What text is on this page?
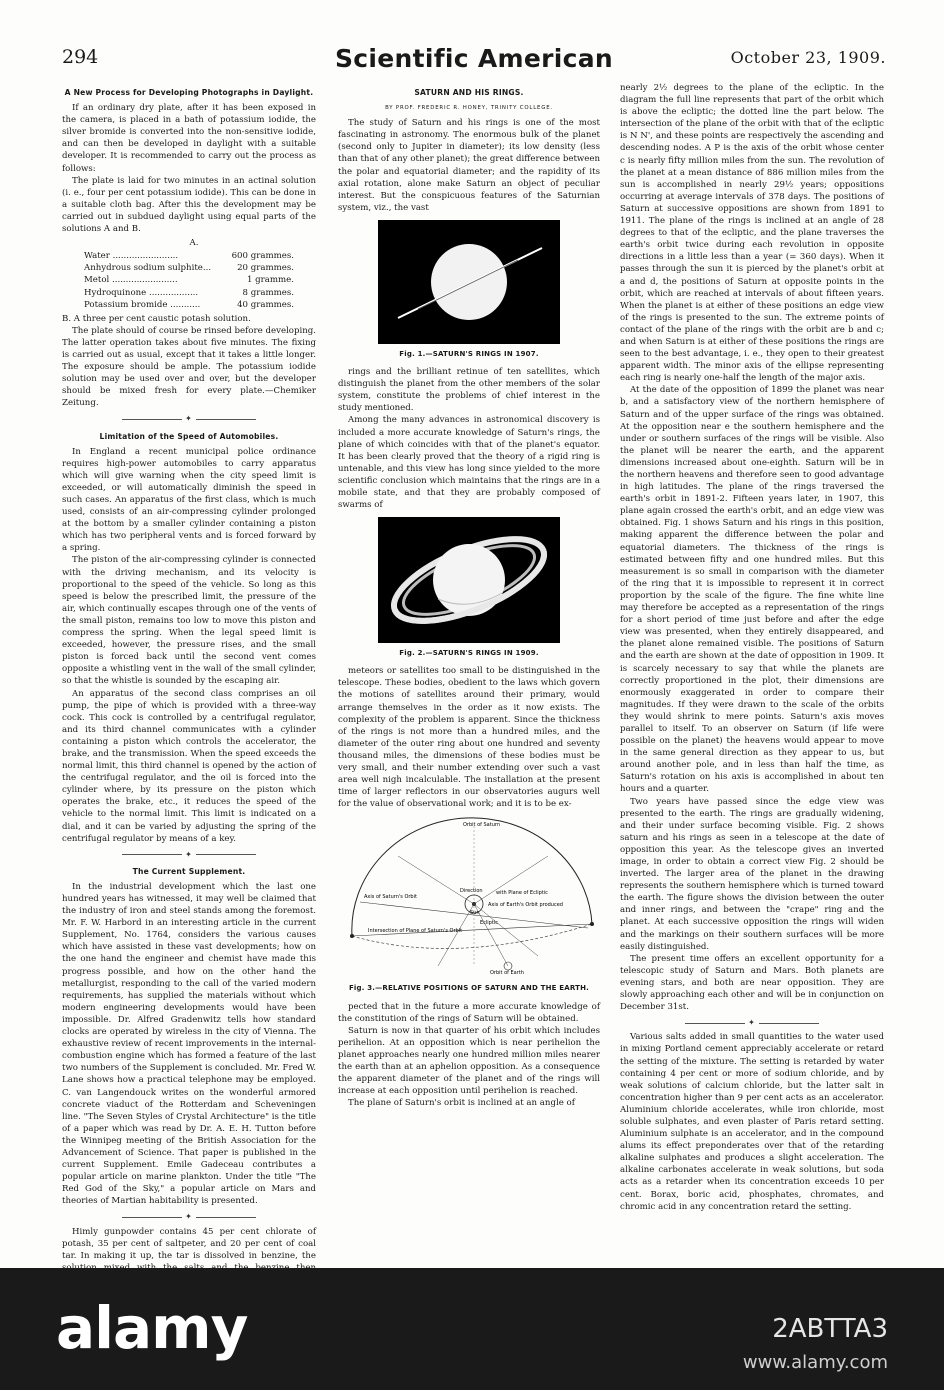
294	Scientific American	October 23, 1909.
A New Process for Developing Photographs in Daylight.

If an ordinary dry plate, after it has been exposed in the camera, is placed in a bath of potassium iodide, the silver bromide is converted into the non-sensitive iodide, and can then be developed in daylight with a suitable developer. It is recommended to carry out the process as follows:

The plate is laid for two minutes in an actinal solution (i. e., four per cent potassium iodide). This can be done in a suitable cloth bag. After this the development may be carried out in subdued daylight using equal parts of the solutions A and B.

A.
Water ........................	600 grammes.
Anhydrous sodium sulphite...	20 grammes.
Metol ........................	1 gramme.
Hydroquinone ..................	8 grammes.
Potassium bromide ...........	40 grammes.

B. A three per cent caustic potash solution.

The plate should of course be rinsed before developing. The latter operation takes about five minutes. The fixing is carried out as usual, except that it takes a little longer. The exposure should be ample. The potassium iodide solution may be used over and over, but the developer should be mixed fresh for every plate.—Chemiker Zeitung.

✦
Limitation of the Speed of Automobiles.

In England a recent municipal police ordinance requires high-power automobiles to carry apparatus which will give warning when the city speed limit is exceeded, or will automatically diminish the speed in such cases. An apparatus of the first class, which is much used, consists of an air-compressing cylinder prolonged at the bottom by a smaller cylinder containing a piston which has two peripheral vents and is forced forward by a spring.

The piston of the air-compressing cylinder is connected with the driving mechanism, and its velocity is proportional to the speed of the vehicle. So long as this speed is below the prescribed limit, the pressure of the air, which continually escapes through one of the vents of the small piston, remains too low to move this piston and compress the spring. When the legal speed limit is exceeded, however, the pressure rises, and the small piston is forced back until the second vent comes opposite a whistling vent in the wall of the small cylinder, so that the whistle is sounded by the escaping air.

An apparatus of the second class comprises an oil pump, the pipe of which is provided with a three-way cock. This cock is controlled by a centrifugal regulator, and its third channel communicates with a cylinder containing a piston which controls the accelerator, the brake, and the transmission. When the speed exceeds the normal limit, this third channel is opened by the action of the centrifugal regulator, and the oil is forced into the cylinder where, by its pressure on the piston which operates the brake, etc., it reduces the speed of the vehicle to the normal limit. This limit is indicated on a dial, and it can be varied by adjusting the spring of the centrifugal regulator by means of a key.

✦
The Current Supplement.

In the industrial development which the last one hundred years has witnessed, it may well be claimed that the industry of iron and steel stands among the foremost. Mr. F. W. Harbord in an interesting article in the current Supplement, No. 1764, considers the various causes which have assisted in these vast developments; how on the one hand the engineer and chemist have made this progress possible, and how on the other hand the metallurgist, responding to the call of the varied modern requirements, has supplied the materials without which modern engineering developments would have been impossible. Dr. Alfred Gradenwitz tells how standard clocks are operated by wireless in the city of Vienna. The exhaustive review of recent improvements in the internal-combustion engine which has formed a feature of the last two numbers of the Supplement is concluded. Mr. Fred W. Lane shows how a practical telephone may be employed. C. van Langendouck writes on the wonderful armored concrete viaduct of the Rotterdam and Scheveningen line. "The Seven Styles of Crystal Architecture" is the title of a paper which was read by Dr. A. E. H. Tutton before the Winnipeg meeting of the British Association for the Advancement of Science. That paper is published in the current Supplement. Emile Gadeceau contributes a popular article on marine plankton. Under the title "The Red God of the Sky," a popular article on Mars and theories of Martian habitability is presented.

✦

Himly gunpowder contains 45 per cent chlorate of potash, 35 per cent of saltpeter, and 20 per cent of coal tar. In making it up, the tar is dissolved in benzine, the

SATURN AND HIS RINGS.
BY PROF. FREDERIC R. HONEY, TRINITY COLLEGE.

The study of Saturn and his rings is one of the most fascinating in astronomy. The enormous bulk of the planet (second only to Jupiter in diameter); its low density (less than that of any other planet); the great difference between the polar and equatorial diameter; and the rapidity of its axial rotation, alone make Saturn an object of peculiar interest. But the conspicuous features of the Saturnian system, viz., the vast

Fig. 1.—SATURN'S RINGS IN 1907.

rings and the brilliant retinue of ten satellites, which distinguish the planet from the other members of the solar system, constitute the problems of chief interest in the study mentioned.

Among the many advances in astronomical discovery is included a more accurate knowledge of Saturn's rings, the plane of which coincides with that of the planet's equator. It has been clearly proved that the theory of a rigid ring is untenable, and this view has long since yielded to the more scientific conclusion which maintains that the rings are in a mobile state, and that they are probably composed of swarms of

Fig. 2.—SATURN'S RINGS IN 1909.

meteors or satellites too small to be distinguished in the telescope. These bodies, obedient to the laws which govern the motions of satellites around their primary, would arrange themselves in the order as it now exists. The complexity of the problem is apparent. Since the thickness of the rings is not more than a hundred miles, and the diameter of the outer ring about one hundred and seventy thousand miles, the dimensions of these bodies must be very small, and their number extending over such a vast area well nigh incalculable. The installation at the present time of larger reflectors in our observatories augurs well for the value of observational work; and it is to be ex-

Orbit of Saturn
Axis of Saturn's Orbit
Intersection of Plane of Saturn's Orbit
with Plane of Ecliptic
Sun
Axis of Earth's Orbit produced
Direction
Ecliptic
Orbit of Earth
Fig. 3.—RELATIVE POSITIONS OF SATURN AND THE EARTH.

pected that in the future a more accurate knowledge of the constitution of the rings of Saturn will be obtained.

Saturn is now in that quarter of his orbit which includes perihelion. At an opposition which is near perihelion the planet approaches nearly one hundred million miles nearer the earth than at an aphelion opposition. As a consequence the apparent diameter of the planet and of the rings will increase at each opposition until perihelion is reached.

The plane of Saturn's orbit is inclined at an angle of

nearly 2½ degrees to the plane of the ecliptic. In the diagram the full line represents that part of the orbit which is above the ecliptic; the dotted line the part below. The intersection of the plane of the orbit with that of the ecliptic is N N', and these points are respectively the ascending and descending nodes. A P is the axis of the orbit whose center c is nearly fifty million miles from the sun. The revolution of the planet at a mean distance of 886 million miles from the sun is accomplished in nearly 29½ years; oppositions occurring at average intervals of 378 days. The positions of Saturn at successive oppositions are shown from 1891 to 1911. The plane of the rings is inclined at an angle of 28 degrees to that of the ecliptic, and the plane traverses the earth's orbit twice during each revolution in opposite directions in a little less than a year (= 360 days). When it passes through the sun it is pierced by the planet's orbit at a and d, the positions of Saturn at opposite points in the orbit, which are reached at intervals of about fifteen years. When the planet is at either of these positions an edge view of the rings is presented to the sun. The extreme points of contact of the plane of the rings with the orbit are b and c; and when Saturn is at either of these positions the rings are seen to the best advantage, i. e., they open to their greatest apparent width. The minor axis of the ellipse representing each ring is nearly one-half the length of the major axis.

At the date of the opposition of 1899 the planet was near b, and a satisfactory view of the northern hemisphere of Saturn and of the upper surface of the rings was obtained. At the opposition near e the southern hemisphere and the under or southern surfaces of the rings will be visible. Also the planet will be nearer the earth, and the apparent dimensions increased about one-eighth. Saturn will be in the northern heavens and therefore seen to good advantage in high latitudes. The plane of the rings traversed the earth's orbit in 1891-2. Fifteen years later, in 1907, this plane again crossed the earth's orbit, and an edge view was obtained. Fig. 1 shows Saturn and his rings in this position, making apparent the difference between the polar and equatorial diameters. The thickness of the rings is estimated between fifty and one hundred miles. But this measurement is so small in comparison with the diameter of the ring that it is impossible to represent it in correct proportion by the scale of the figure. The fine white line may therefore be accepted as a representation of the rings for a short period of time just before and after the edge view was presented, when they entirely disappeared, and the planet alone remained visible. The positions of Saturn and the earth are shown at the date of opposition in 1909. It is scarcely necessary to say that while the planets are correctly proportioned in the plot, their dimensions are enormously exaggerated in order to compare their magnitudes. If they were drawn to the scale of the orbits they would shrink to mere points. Saturn's axis moves parallel to itself. To an observer on Saturn (if life were possible on the planet) the heavens would appear to move in the same general direction as they appear to us, but around another pole, and in less than half the time, as Saturn's rotation on his axis is accomplished in about ten hours and a quarter.

Two years have passed since the edge view was presented to the earth. The rings are gradually widening, and their under surface becoming visible. Fig. 2 shows saturn and his rings as seen in a telescope at the date of opposition this year. As the telescope gives an inverted image, in order to obtain a correct view Fig. 2 should be inverted. The larger area of the planet in the drawing represents the southern hemisphere which is turned toward the earth. The figure shows the division between the outer and inner rings, and between the "crape" ring and the planet. At each successive opposition the rings will widen and the markings on their southern surfaces will be more easily distinguished.

The present time offers an excellent opportunity for a telescopic study of Saturn and Mars. Both planets are evening stars, and both are near opposition. They are slowly approaching each other and will be in conjunction on December 31st.

✦

Various salts added in small quantities to the water used in mixing Portland cement appreciably accelerate or retard the setting of the mixture. The setting is retarded by water containing 4 per cent or more of sodium chloride, and by weak solutions of calcium chloride, but the latter salt in concentration higher than 9 per cent acts as an accelerator. Aluminium chloride accelerates, while iron chloride, most soluble sulphates, and even plaster of Paris retard setting. Aluminium sulphate is an accelerator, and in the compound alums its effect preponderates over that of the retarding alkaline sulphates and produces a slight acceleration. The alkaline carbonates accelerate in weak solutions, but soda acts as a retarder when its concentration exceeds 10 per cent. Borax, boric acid, phosphates, chromates, and chromic acid in any concentration retard the setting.

alamy	2ABTTA3
www.alamy.com
